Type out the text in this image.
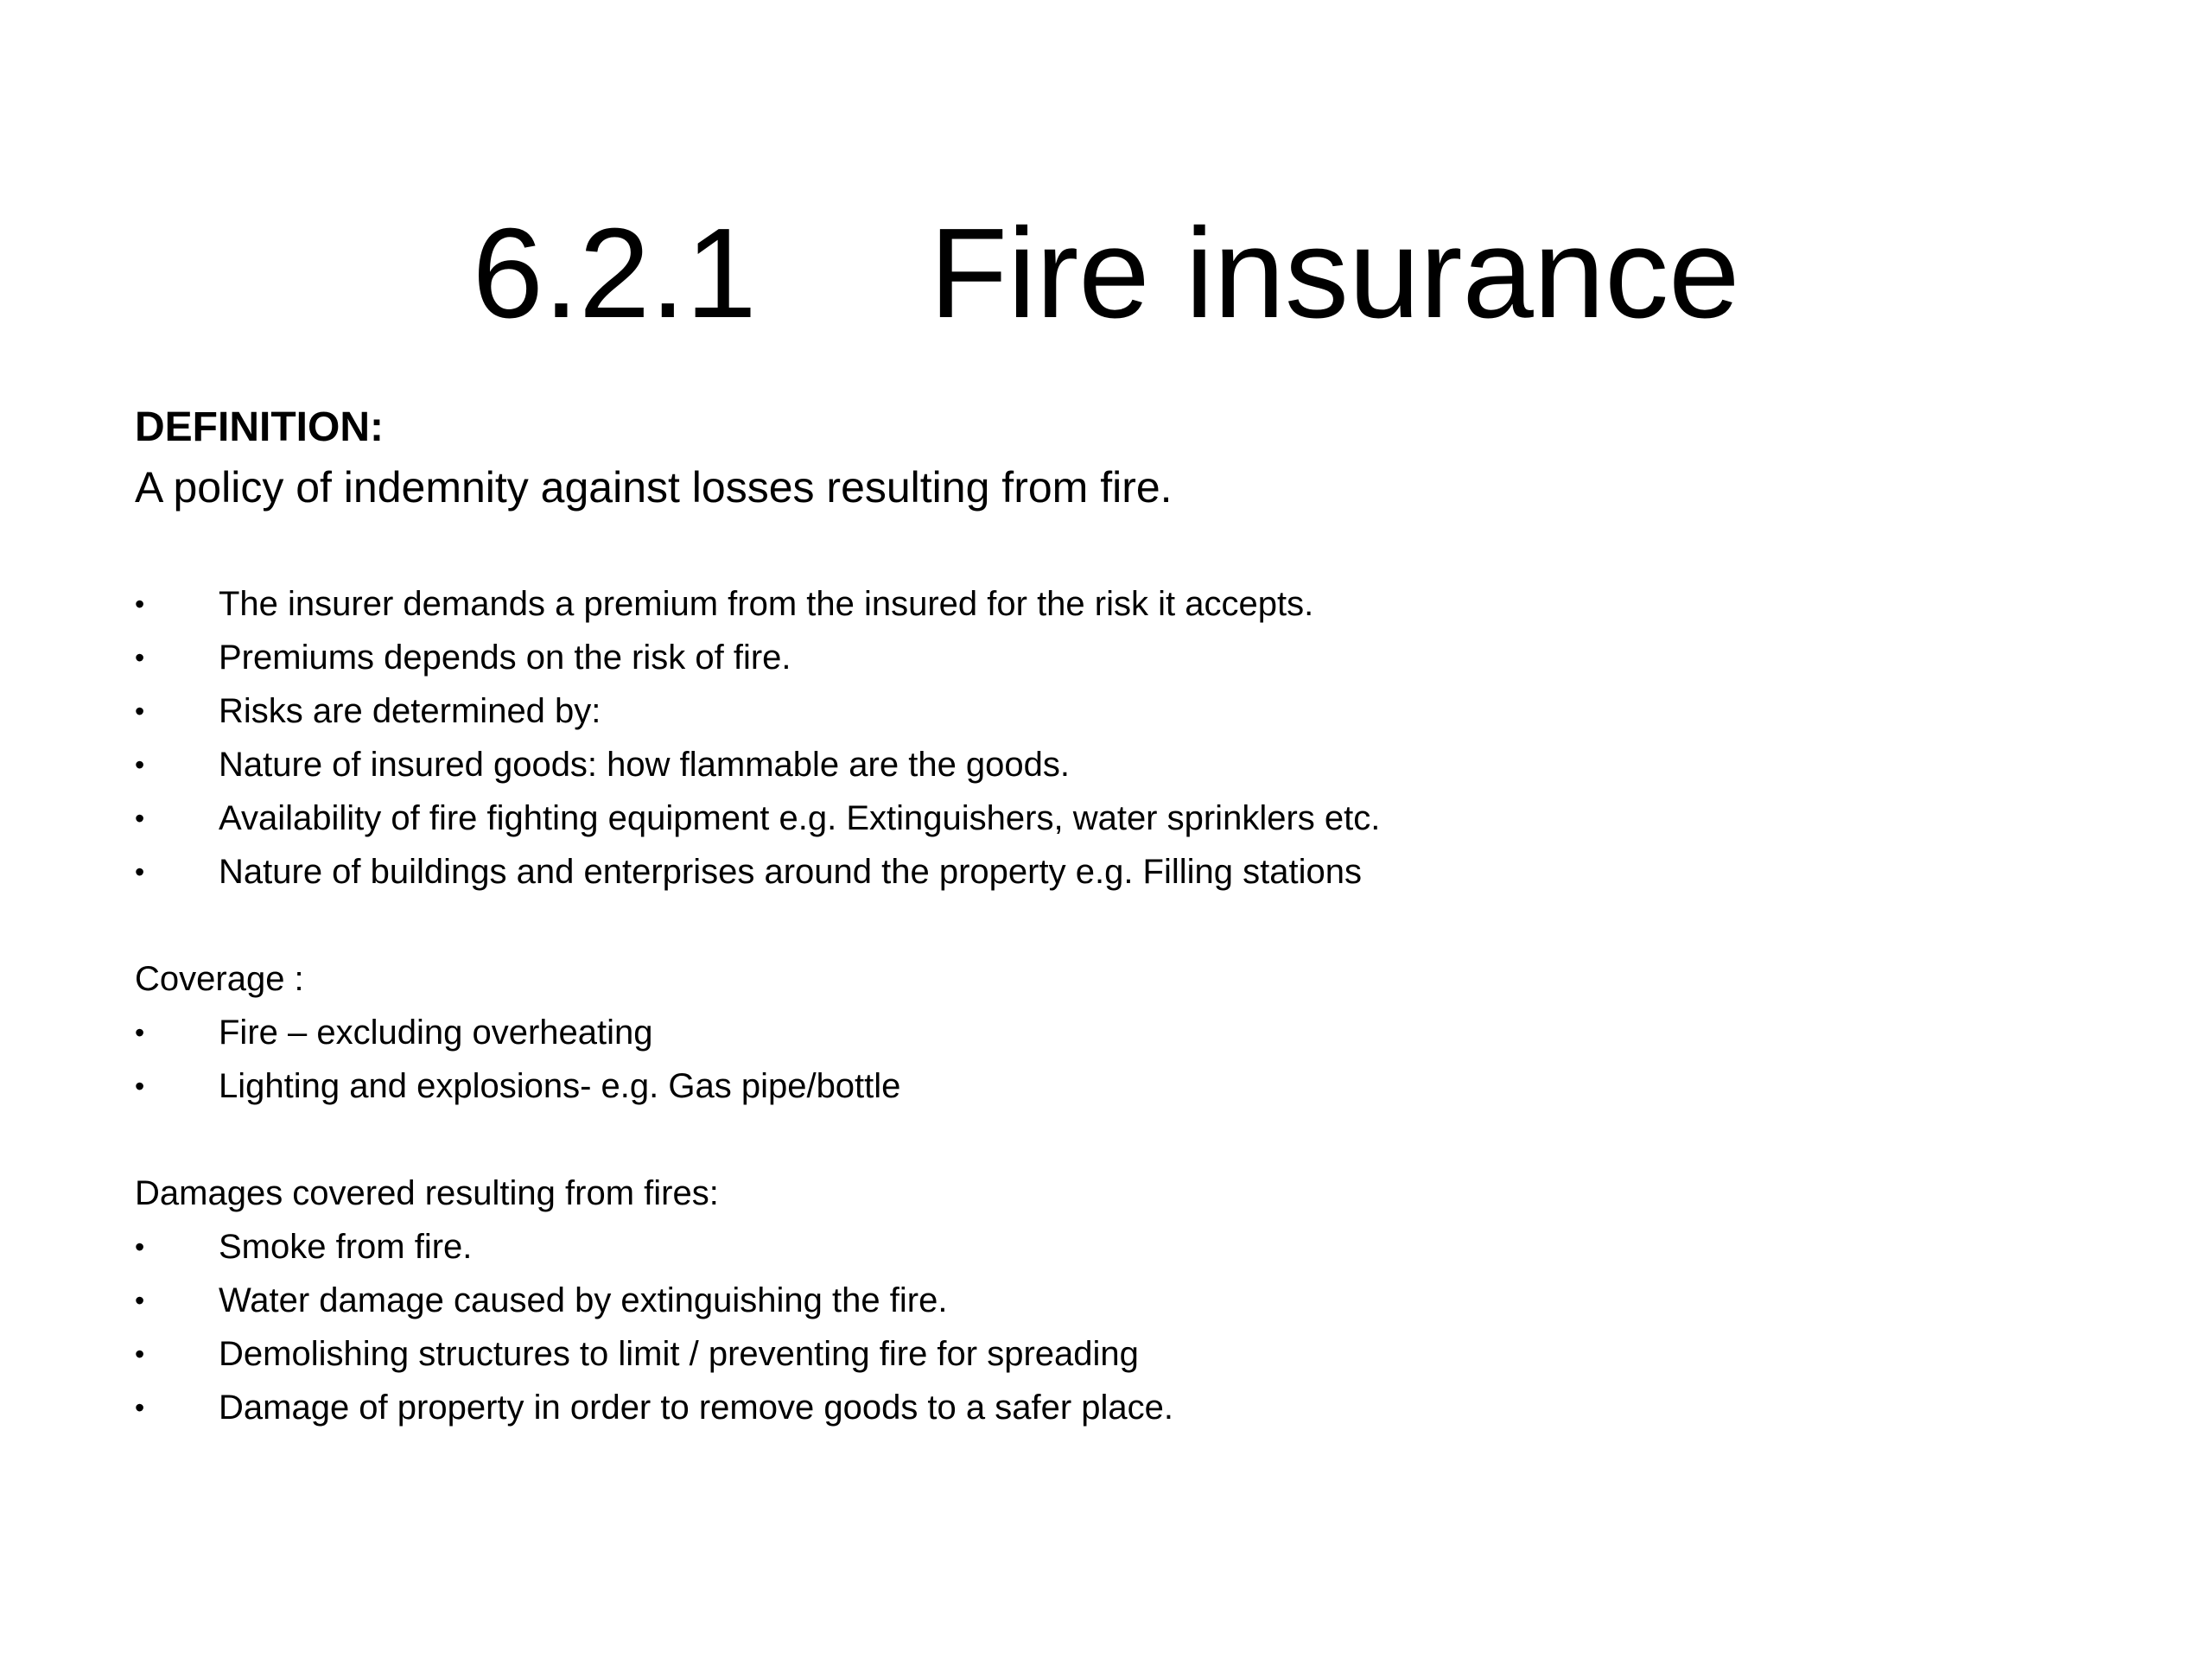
6.2.1 Fire insurance

DEFINITION:

A policy of indemnity against losses resulting from fire.

• The insurer demands a premium from the insured for the risk it accepts.
• Premiums depends on the risk of fire.
• Risks are determined by:
• Nature of insured goods: how flammable are the goods.
• Availability of fire fighting equipment e.g. Extinguishers, water sprinklers etc.
• Nature of buildings and enterprises around the property e.g. Filling stations

Coverage :

• Fire – excluding overheating
• Lighting and explosions- e.g. Gas pipe/bottle

Damages covered resulting from fires:

• Smoke from fire.
• Water damage caused by extinguishing the fire.
• Demolishing structures to limit / preventing fire for spreading
• Damage of property in order to remove goods to a safer place.
